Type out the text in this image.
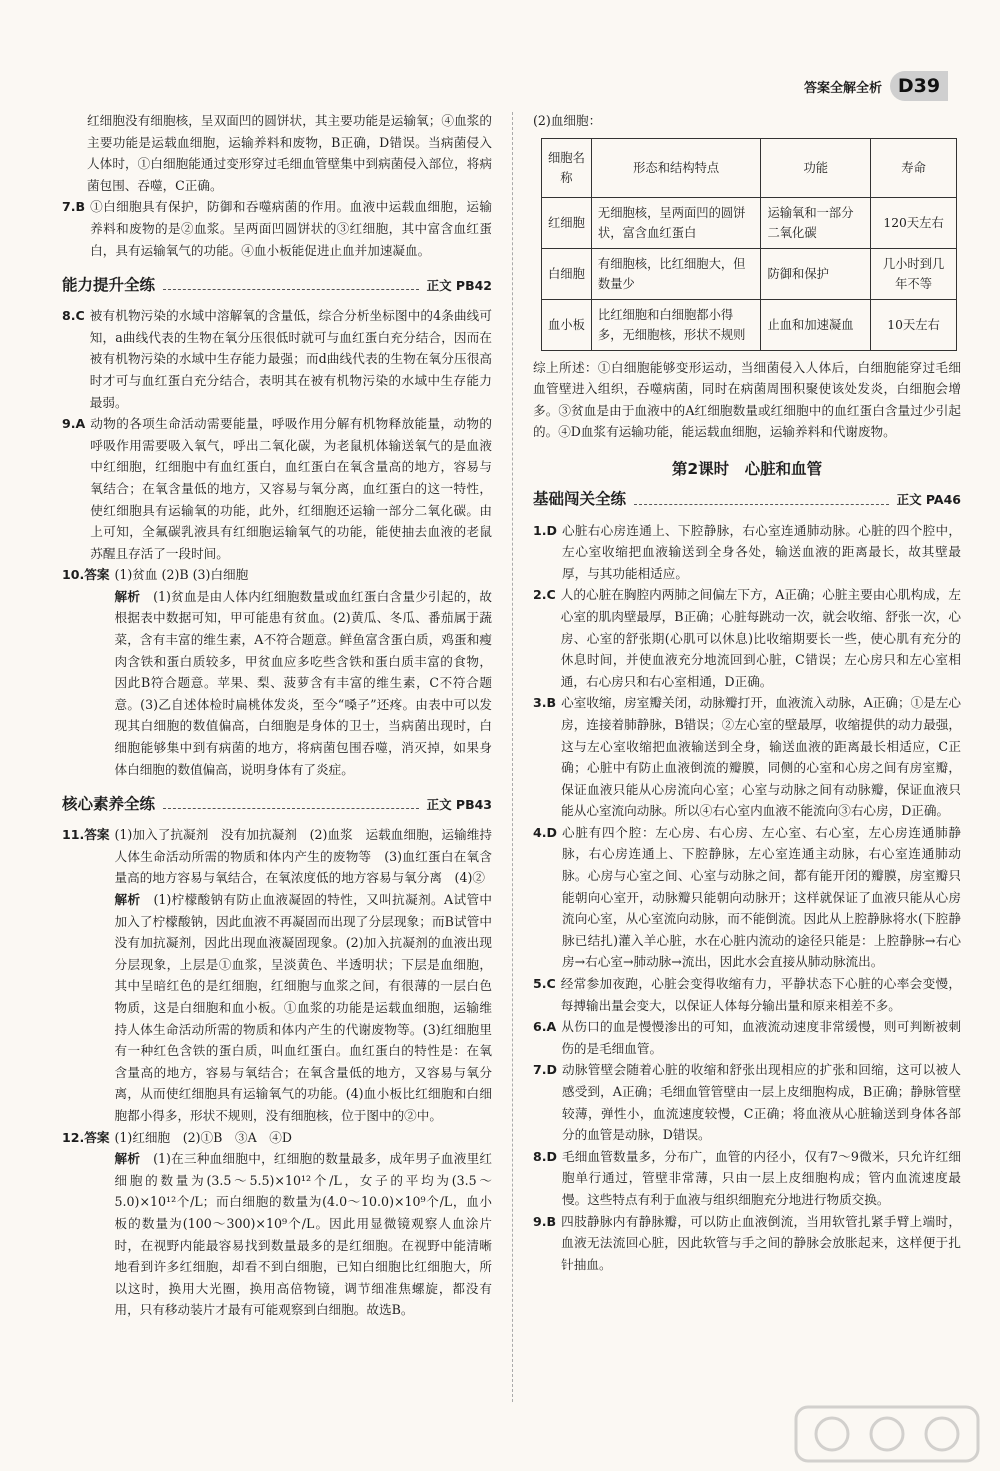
答案全解全析 D39

红细胞没有细胞核，呈双面凹的圆饼状，其主要功能是运输氧；④血浆的主要功能是运载血细胞，运输养料和废物，B正确，D错误。当病菌侵入人体时，①白细胞能通过变形穿过毛细血管壁集中到病菌侵入部位，将病菌包围、吞噬，C正确。

7.B ①白细胞具有保护，防御和吞噬病菌的作用。血液中运载血细胞，运输养料和废物的是②血浆。呈两面凹圆饼状的③红细胞，其中富含血红蛋白，具有运输氧气的功能。④血小板能促进止血并加速凝血。

能力提升全练	正文 PB42
8.C 被有机物污染的水域中溶解氧的含量低，综合分析坐标图中的4条曲线可知，a曲线代表的生物在氧分压很低时就可与血红蛋白充分结合，因而在被有机物污染的水域中生存能力最强；而d曲线代表的生物在氧分压很高时才可与血红蛋白充分结合，表明其在被有机物污染的水域中生存能力最弱。

9.A 动物的各项生命活动需要能量，呼吸作用分解有机物释放能量，动物的呼吸作用需要吸入氧气，呼出二氧化碳，为老鼠机体输送氧气的是血液中红细胞，红细胞中有血红蛋白，血红蛋白在氧含量高的地方，容易与氧结合；在氧含量低的地方，又容易与氧分离，血红蛋白的这一特性，使红细胞具有运输氧的功能，此外，红细胞还运输一部分二氧化碳。由上可知，全氟碳乳液具有红细胞运输氧气的功能，能使抽去血液的老鼠苏醒且存活了一段时间。

10.答案 (1)贫血 (2)B (3)白细胞

解析　 (1)贫血是由人体内红细胞数量或血红蛋白含量少引起的，故根据表中数据可知，甲可能患有贫血。(2)黄瓜、冬瓜、番茄属于蔬菜，含有丰富的维生素，A不符合题意。鲜鱼富含蛋白质，鸡蛋和瘦肉含铁和蛋白质较多，甲贫血应多吃些含铁和蛋白质丰富的食物，因此B符合题意。苹果、梨、菠萝含有丰富的维生素，C不符合题意。(3)乙自述体检时扁桃体发炎，至今“嗓子”还疼。由表中可以发现其白细胞的数值偏高，白细胞是身体的卫士，当病菌出现时，白细胞能够集中到有病菌的地方，将病菌包围吞噬，消灭掉，如果身体白细胞的数值偏高，说明身体有了炎症。

核心素养全练	正文 PB43
11.答案 (1)加入了抗凝剂　没有加抗凝剂　(2)血浆　运载血细胞，运输维持人体生命活动所需的物质和体内产生的废物等　(3)血红蛋白在氧含量高的地方容易与氧结合，在氧浓度低的地方容易与氧分离　(4)②

解析　 (1)柠檬酸钠有防止血液凝固的特性，又叫抗凝剂。A试管中加入了柠檬酸钠，因此血液不再凝固而出现了分层现象；而B试管中没有加抗凝剂，因此出现血液凝固现象。(2)加入抗凝剂的血液出现分层现象，上层是①血浆，呈淡黄色、半透明状；下层是血细胞，其中呈暗红色的是红细胞，红细胞与血浆之间，有很薄的一层白色物质，这是白细胞和血小板。①血浆的功能是运载血细胞，运输维持人体生命活动所需的物质和体内产生的代谢废物等。(3)红细胞里有一种红色含铁的蛋白质，叫血红蛋白。血红蛋白的特性是：在氧含量高的地方，容易与氧结合；在氧含量低的地方，又容易与氧分离，从而使红细胞具有运输氧气的功能。(4)血小板比红细胞和白细胞都小得多，形状不规则，没有细胞核，位于图中的②中。

12.答案 (1)红细胞　(2)①B　③A　④D

解析　 (1)在三种血细胞中，红细胞的数量最多，成年男子血液里红细胞的数量为(3.5～5.5)×10¹²个/L，女子的平均为(3.5～5.0)×10¹²个/L；而白细胞的数量为(4.0～10.0)×10⁹个/L，血小板的数量为(100～300)×10⁹个/L。因此用显微镜观察人血涂片时，在视野内能最容易找到数量最多的是红细胞。在视野中能清晰地看到许多红细胞，却看不到白细胞，已知白细胞比红细胞大，所以这时，换用大光圈，换用高倍物镜，调节细准焦螺旋，都没有用，只有移动装片才最有可能观察到白细胞。故选B。

(2)血细胞：

细胞名称	形态和结构特点	功能	寿命
红细胞	无细胞核，呈两面凹的圆饼状，富含血红蛋白	运输氧和一部分二氧化碳	120天左右
白细胞	有细胞核，比红细胞大，但数量少	防御和保护	几小时到几年不等
血小板	比红细胞和白细胞都小得多，无细胞核，形状不规则	止血和加速凝血	10天左右

综上所述：①白细胞能够变形运动，当细菌侵入人体后，白细胞能穿过毛细血管壁进入组织，吞噬病菌，同时在病菌周围积聚使该处发炎，白细胞会增多。③贫血是由于血液中的A红细胞数量或红细胞中的血红蛋白含量过少引起的。④D血浆有运输功能，能运载血细胞，运输养料和代谢废物。

第2课时　心脏和血管
基础闯关全练	正文 PA46
1.D 心脏右心房连通上、下腔静脉，右心室连通肺动脉。心脏的四个腔中，左心室收缩把血液输送到全身各处，输送血液的距离最长，故其壁最厚，与其功能相适应。

2.C 人的心脏在胸腔内两肺之间偏左下方，A正确；心脏主要由心肌构成，左心室的肌肉壁最厚，B正确；心脏每跳动一次，就会收缩、舒张一次，心房、心室的舒张期(心肌可以休息)比收缩期要长一些，使心肌有充分的休息时间，并使血液充分地流回到心脏，C错误；左心房只和左心室相通，右心房只和右心室相通，D正确。

3.B 心室收缩，房室瓣关闭，动脉瓣打开，血液流入动脉，A正确；①是左心房，连接着肺静脉，B错误；②左心室的壁最厚，收缩提供的动力最强，这与左心室收缩把血液输送到全身，输送血液的距离最长相适应，C正确；心脏中有防止血液倒流的瓣膜，同侧的心室和心房之间有房室瓣，保证血液只能从心房流向心室；心室与动脉之间有动脉瓣，保证血液只能从心室流向动脉。所以④右心室内血液不能流向③右心房，D正确。

4.D 心脏有四个腔：左心房、右心房、左心室、右心室，左心房连通肺静脉，右心房连通上、下腔静脉，左心室连通主动脉，右心室连通肺动脉。心房与心室之间、心室与动脉之间，都有能开闭的瓣膜，房室瓣只能朝向心室开，动脉瓣只能朝向动脉开；这样就保证了血液只能从心房流向心室，从心室流向动脉，而不能倒流。因此从上腔静脉将水(下腔静脉已结扎)灌入羊心脏，水在心脏内流动的途径只能是：上腔静脉→右心房→右心室→肺动脉→流出，因此水会直接从肺动脉流出。

5.C 经常参加夜跑，心脏会变得收缩有力，平静状态下心脏的心率会变慢，每搏输出量会变大，以保证人体每分输出量和原来相差不多。

6.A 从伤口的血是慢慢渗出的可知，血液流动速度非常缓慢，则可判断被刺伤的是毛细血管。

7.D 动脉管壁会随着心脏的收缩和舒张出现相应的扩张和回缩，这可以被人感受到，A正确；毛细血管管壁由一层上皮细胞构成，B正确；静脉管壁较薄，弹性小，血流速度较慢，C正确；将血液从心脏输送到身体各部分的血管是动脉，D错误。

8.D 毛细血管数量多，分布广，血管的内径小，仅有7～9微米，只允许红细胞单行通过，管壁非常薄，只由一层上皮细胞构成；管内血流速度最慢。这些特点有利于血液与组织细胞充分地进行物质交换。

9.B 四肢静脉内有静脉瓣，可以防止血液倒流，当用软管扎紧手臂上端时，血液无法流回心脏，因此软管与手之间的静脉会放胀起来，这样便于扎针抽血。
